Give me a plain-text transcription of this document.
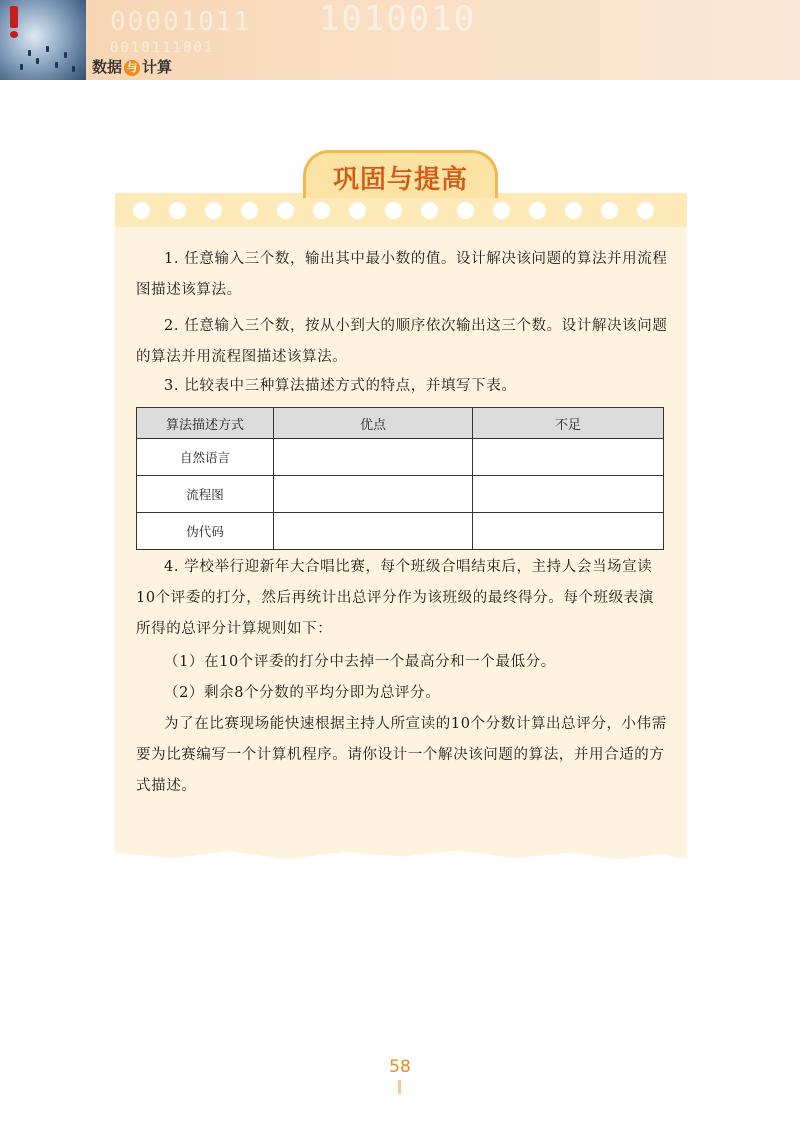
00001011 1010010
0010111001
数据 与 计算
巩固与提高

1. 任意输入三个数，输出其中最小数的值。设计解决该问题的算法并用流程图描述该算法。

2. 任意输入三个数，按从小到大的顺序依次输出这三个数。设计解决该问题的算法并用流程图描述该算法。

3. 比较表中三种算法描述方式的特点，并填写下表。

算法描述方式	优点	不足
自然语言		
流程图		
伪代码		

4. 学校举行迎新年大合唱比赛，每个班级合唱结束后，主持人会当场宣读10个评委的打分，然后再统计出总评分作为该班级的最终得分。每个班级表演所得的总评分计算规则如下：

（1）在10个评委的打分中去掉一个最高分和一个最低分。

（2）剩余8个分数的平均分即为总评分。

为了在比赛现场能快速根据主持人所宣读的10个分数计算出总评分，小伟需要为比赛编写一个计算机程序。请你设计一个解决该问题的算法，并用合适的方式描述。

58
